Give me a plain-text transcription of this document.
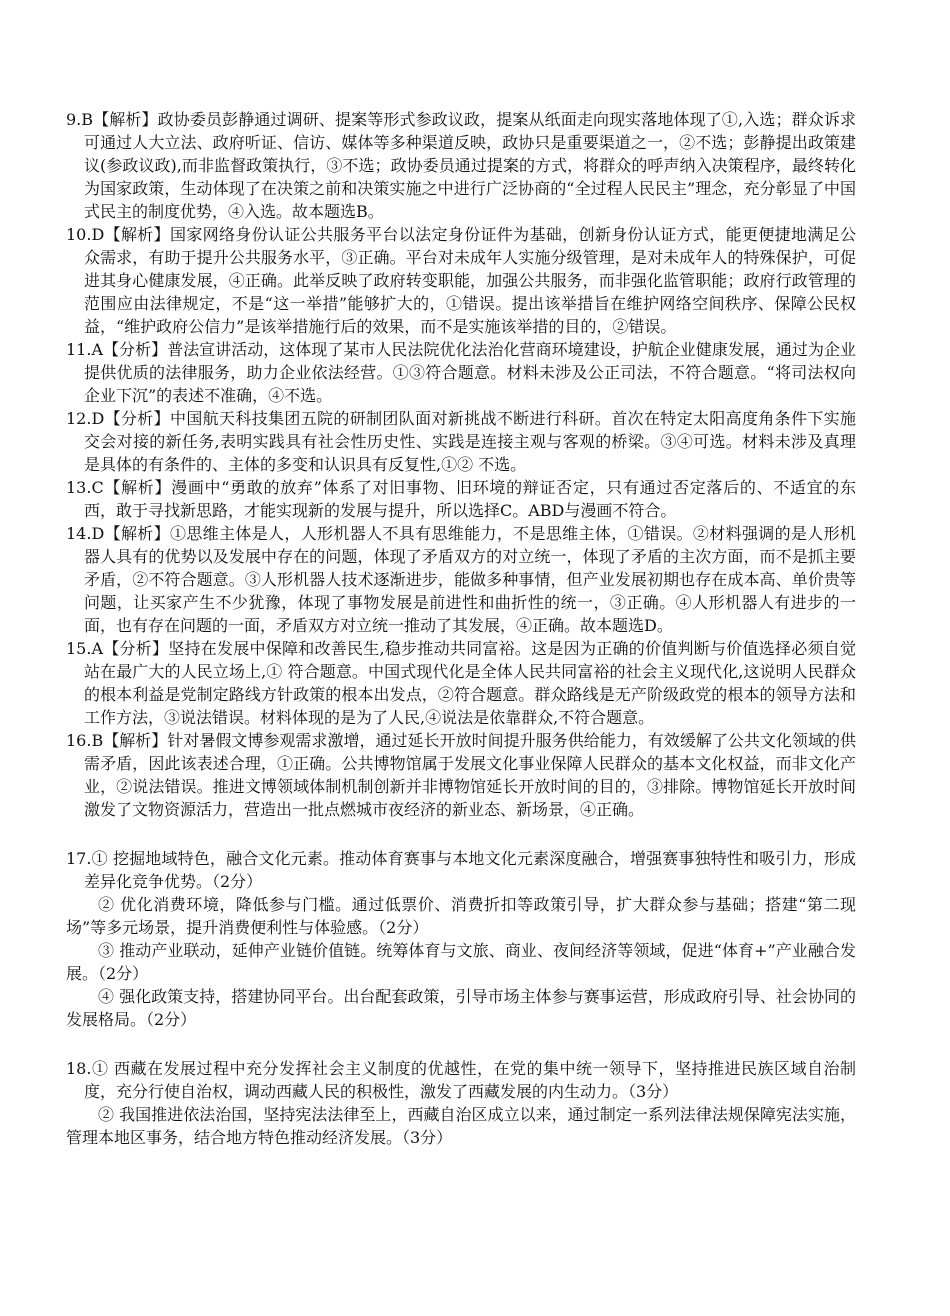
9.B【解析】政协委员彭静通过调研、提案等形式参政议政，提案从纸面走向现实落地体现了①,入选；群众诉求可通过人大立法、政府听证、信访、媒体等多种渠道反映，政协只是重要渠道之一，②不选；彭静提出政策建议(参政议政),而非监督政策执行，③不选；政协委员通过提案的方式，将群众的呼声纳入决策程序，最终转化为国家政策，生动体现了在决策之前和决策实施之中进行广泛协商的“全过程人民民主”理念，充分彰显了中国式民主的制度优势，④入选。故本题选B。

10.D【解析】国家网络身份认证公共服务平台以法定身份证件为基础，创新身份认证方式，能更便捷地满足公众需求，有助于提升公共服务水平，③正确。平台对未成年人实施分级管理，是对未成年人的特殊保护，可促进其身心健康发展，④正确。此举反映了政府转变职能，加强公共服务，而非强化监管职能；政府行政管理的范围应由法律规定，不是“这一举措”能够扩大的，①错误。提出该举措旨在维护网络空间秩序、保障公民权益，“维护政府公信力”是该举措施行后的效果，而不是实施该举措的目的，②错误。

11.A【分析】普法宣讲活动，这体现了某市人民法院优化法治化营商环境建设，护航企业健康发展，通过为企业提供优质的法律服务，助力企业依法经营。①③符合题意。材料未涉及公正司法，不符合题意。“将司法权向企业下沉”的表述不准确，④不选。

12.D【分析】中国航天科技集团五院的研制团队面对新挑战不断进行科研。首次在特定太阳高度角条件下实施交会对接的新任务,表明实践具有社会性历史性、实践是连接主观与客观的桥梁。③④可选。材料未涉及真理是具体的有条件的、主体的多变和认识具有反复性,①② 不选。

13.C【解析】漫画中“勇敢的放弃”体系了对旧事物、旧环境的辩证否定，只有通过否定落后的、不适宜的东西，敢于寻找新思路，才能实现新的发展与提升，所以选择C。ABD与漫画不符合。

14.D【解析】①思维主体是人，人形机器人不具有思维能力，不是思维主体，①错误。②材料强调的是人形机器人具有的优势以及发展中存在的问题，体现了矛盾双方的对立统一，体现了矛盾的主次方面，而不是抓主要矛盾，②不符合题意。③人形机器人技术逐渐进步，能做多种事情，但产业发展初期也存在成本高、单价贵等问题，让买家产生不少犹豫，体现了事物发展是前进性和曲折性的统一，③正确。④人形机器人有进步的一面，也有存在问题的一面，矛盾双方对立统一推动了其发展，④正确。故本题选D。

15.A【分析】坚持在发展中保障和改善民生,稳步推动共同富裕。这是因为正确的价值判断与价值选择必须自觉站在最广大的人民立场上,① 符合题意。中国式现代化是全体人民共同富裕的社会主义现代化,这说明人民群众的根本利益是党制定路线方针政策的根本出发点，②符合题意。群众路线是无产阶级政党的根本的领导方法和工作方法，③说法错误。材料体现的是为了人民,④说法是依靠群众,不符合题意。

16.B【解析】针对暑假文博参观需求激增，通过延长开放时间提升服务供给能力，有效缓解了公共文化领域的供需矛盾，因此该表述合理，①正确。公共博物馆属于发展文化事业保障人民群众的基本文化权益，而非文化产业，②说法错误。推进文博领域体制机制创新并非博物馆延长开放时间的目的，③排除。博物馆延长开放时间激发了文物资源活力，营造出一批点燃城市夜经济的新业态、新场景，④正确。

17.① 挖掘地域特色，融合文化元素。推动体育赛事与本地文化元素深度融合，增强赛事独特性和吸引力，形成差异化竞争优势。（2分）

② 优化消费环境，降低参与门槛。通过低票价、消费折扣等政策引导，扩大群众参与基础；搭建“第二现场”等多元场景，提升消费便利性与体验感。（2分）

③ 推动产业联动，延伸产业链价值链。统筹体育与文旅、商业、夜间经济等领域，促进“体育+”产业融合发展。（2分）

④ 强化政策支持，搭建协同平台。出台配套政策，引导市场主体参与赛事运营，形成政府引导、社会协同的发展格局。（2分）

18.① 西藏在发展过程中充分发挥社会主义制度的优越性，在党的集中统一领导下，坚持推进民族区域自治制度，充分行使自治权，调动西藏人民的积极性，激发了西藏发展的内生动力。（3分）

② 我国推进依法治国，坚持宪法法律至上，西藏自治区成立以来，通过制定一系列法律法规保障宪法实施，管理本地区事务，结合地方特色推动经济发展。（3分）
